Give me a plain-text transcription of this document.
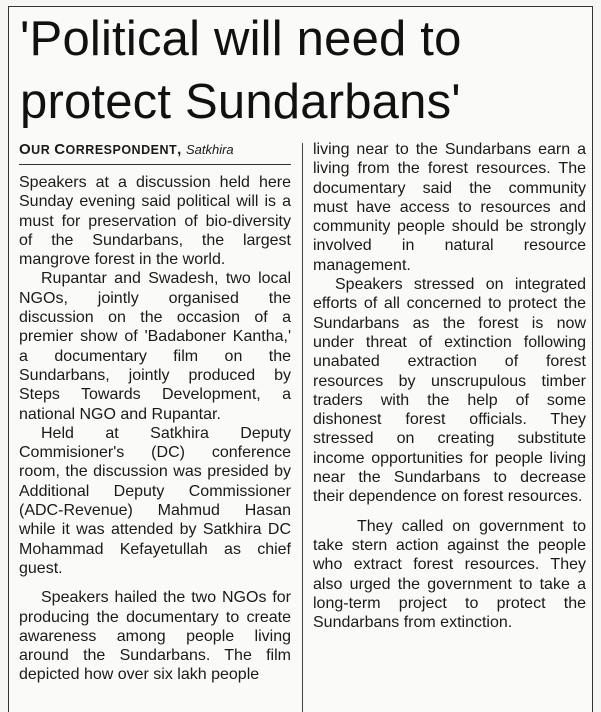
'Political will need to protect Sundarbans'
OUR CORRESPONDENT, Satkhira

Speakers at a discussion held here Sunday evening said political will is a must for preservation of bio-diversity of the Sundarbans, the largest mangrove forest in the world.

Rupantar and Swadesh, two local NGOs, jointly organised the discussion on the occasion of a premier show of 'Badaboner Kantha,' a documentary film on the Sundarbans, jointly produced by Steps Towards Development, a national NGO and Rupantar.

Held at Satkhira Deputy Commisioner's (DC) conference room, the discussion was presided by Additional Deputy Commissioner (ADC-Revenue) Mahmud Hasan while it was attended by Satkhira DC Mohammad Kefayetullah as chief guest.

Speakers hailed the two NGOs for producing the documentary to create awareness among people living around the Sundarbans. The film depicted how over six lakh people

living near to the Sundarbans earn a living from the forest resources. The documentary said the community must have access to resources and community people should be strongly involved in natural resource management.

Speakers stressed on integrated efforts of all concerned to protect the Sundarbans as the forest is now under threat of extinction following unabated extraction of forest resources by unscrupulous timber traders with the help of some dishonest forest officials. They stressed on creating substitute income opportunities for people living near the Sundarbans to decrease their dependence on forest resources.

They called on government to take stern action against the people who extract forest resources. They also urged the government to take a long-term project to protect the Sundarbans from extinction.
